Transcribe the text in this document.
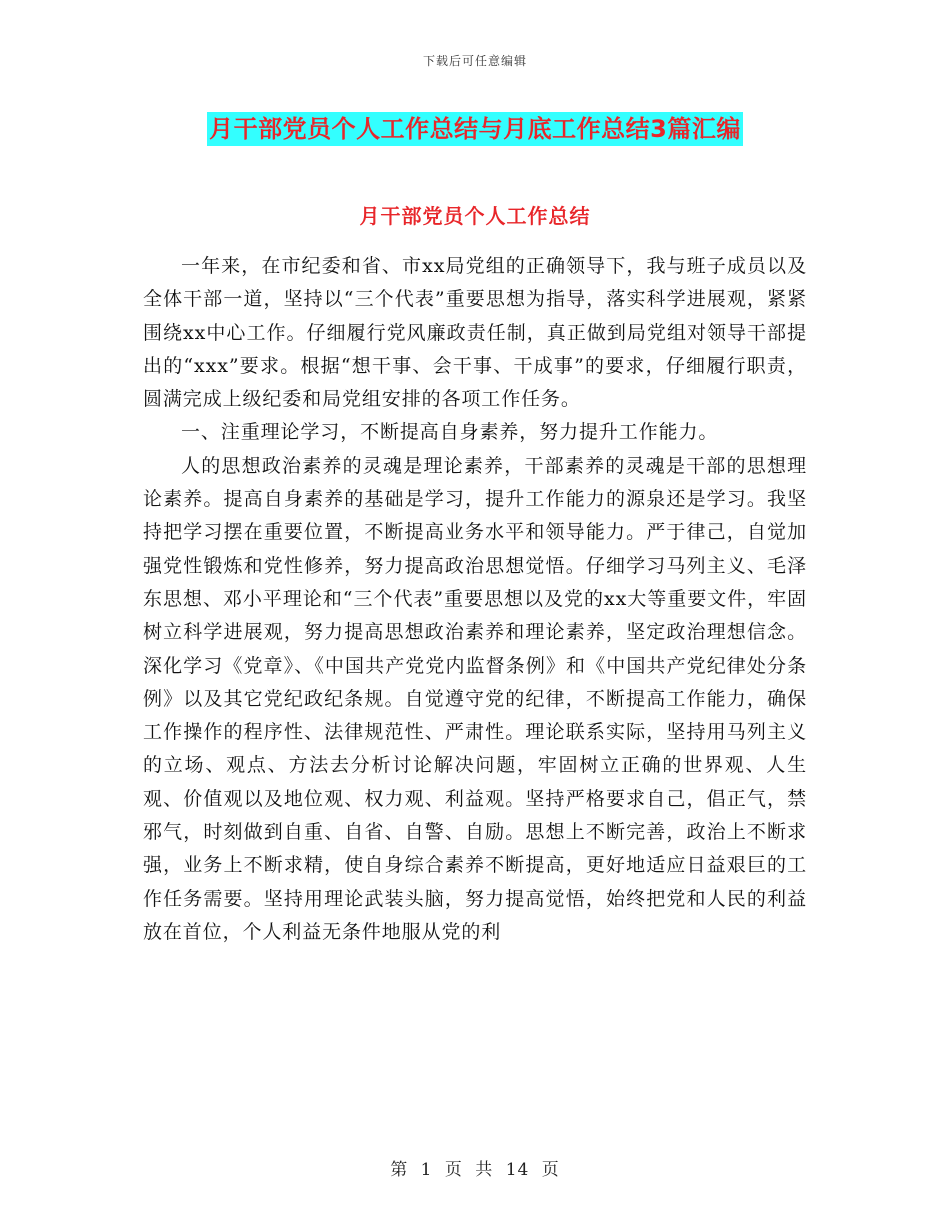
下载后可任意编辑
月干部党员个人工作总结与月底工作总结3篇汇编
月干部党员个人工作总结

一年来，在市纪委和省、市xx局党组的正确领导下，我与班子成员以及全体干部一道，坚持以“三个代表”重要思想为指导，落实科学进展观，紧紧围绕xx中心工作。仔细履行党风廉政责任制，真正做到局党组对领导干部提出的“xxx”要求。根据“想干事、会干事、干成事”的要求，仔细履行职责，圆满完成上级纪委和局党组安排的各项工作任务。

一、注重理论学习，不断提高自身素养，努力提升工作能力。

人的思想政治素养的灵魂是理论素养，干部素养的灵魂是干部的思想理论素养。提高自身素养的基础是学习，提升工作能力的源泉还是学习。我坚持把学习摆在重要位置，不断提高业务水平和领导能力。严于律己，自觉加强党性锻炼和党性修养，努力提高政治思想觉悟。仔细学习马列主义、毛泽东思想、邓小平理论和“三个代表”重要思想以及党的xx大等重要文件，牢固树立科学进展观，努力提高思想政治素养和理论素养，坚定政治理想信念。深化学习《党章》、《中国共产党党内监督条例》和《中国共产党纪律处分条例》以及其它党纪政纪条规。自觉遵守党的纪律，不断提高工作能力，确保工作操作的程序性、法律规范性、严肃性。理论联系实际，坚持用马列主义的立场、观点、方法去分析讨论解决问题，牢固树立正确的世界观、人生观、价值观以及地位观、权力观、利益观。坚持严格要求自己，倡正气，禁邪气，时刻做到自重、自省、自警、自励。思想上不断完善，政治上不断求强，业务上不断求精，使自身综合素养不断提高，更好地适应日益艰巨的工作任务需要。坚持用理论武装头脑，努力提高觉悟，始终把党和人民的利益放在首位，个人利益无条件地服从党的利

第 1 页 共 14 页
